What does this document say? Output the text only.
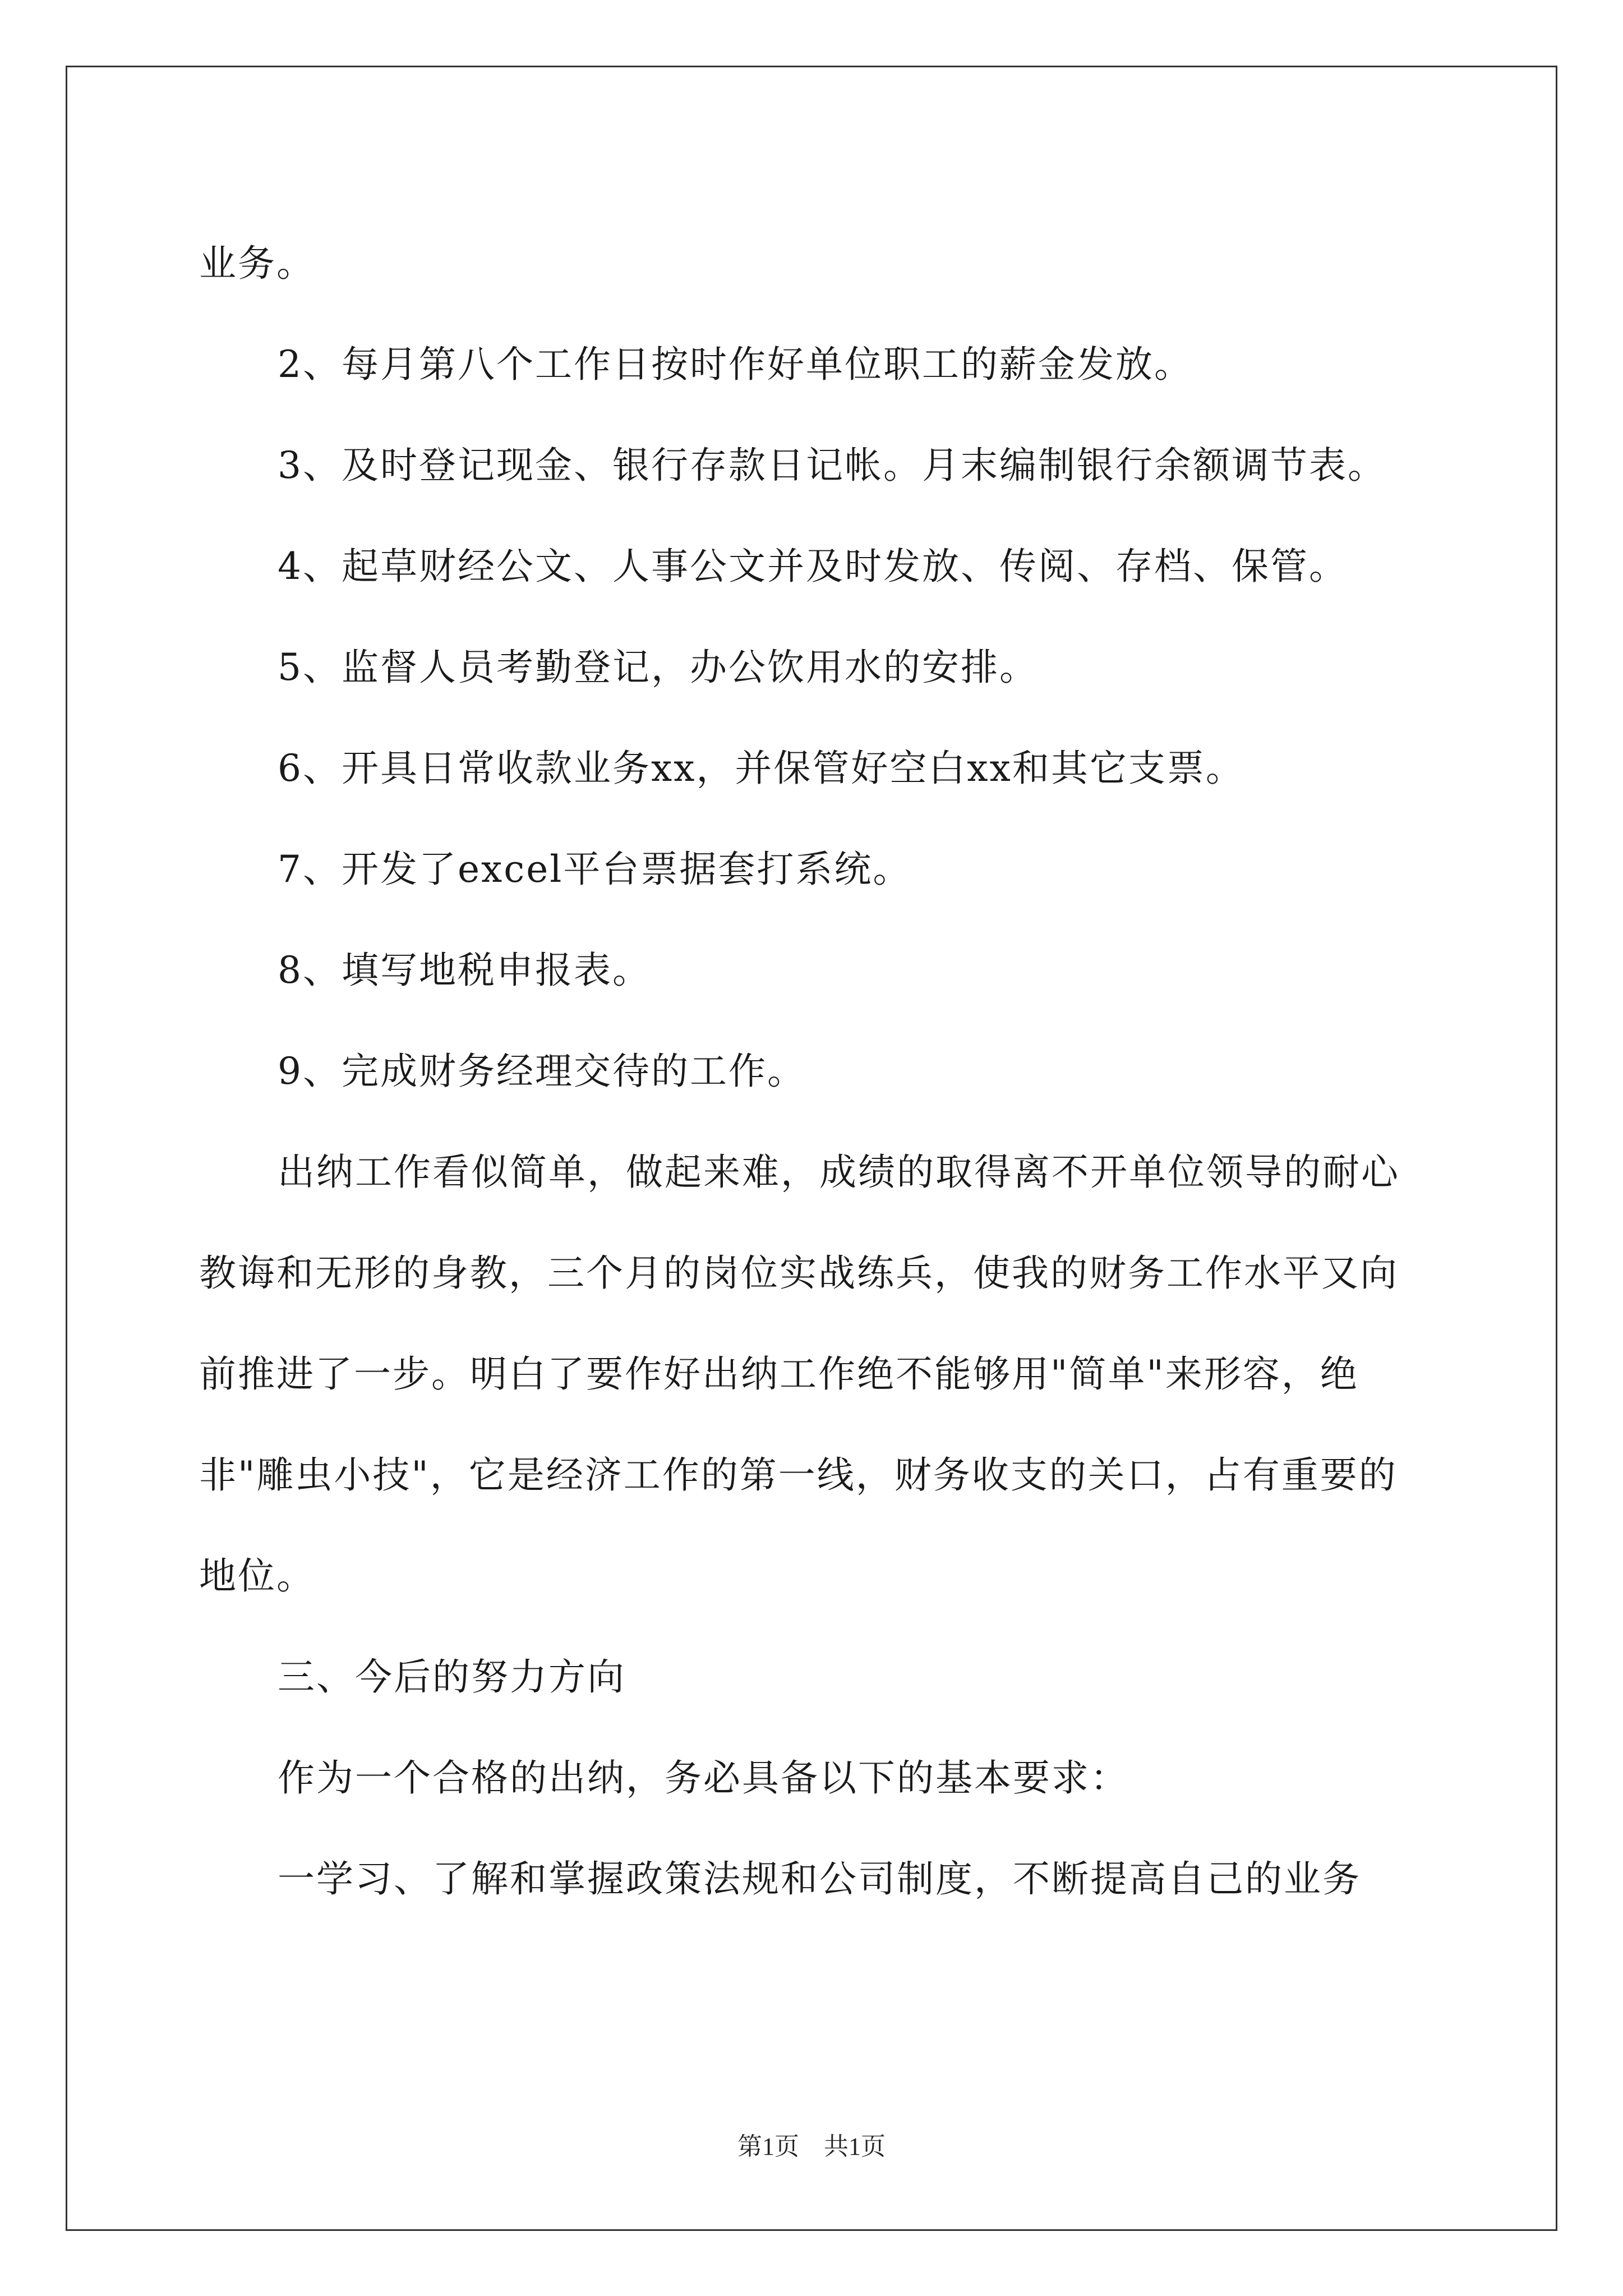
业务。

2、每月第八个工作日按时作好单位职工的薪金发放。

3、及时登记现金、银行存款日记帐。月末编制银行余额调节表。

4、起草财经公文、人事公文并及时发放、传阅、存档、保管。

5、监督人员考勤登记，办公饮用水的安排。

6、开具日常收款业务xx，并保管好空白xx和其它支票。

7、开发了excel平台票据套打系统。

8、填写地税申报表。

9、完成财务经理交待的工作。

出纳工作看似简单，做起来难，成绩的取得离不开单位领导的耐心教诲和无形的身教，三个月的岗位实战练兵，使我的财务工作水平又向前推进了一步。明白了要作好出纳工作绝不能够用"简单"来形容，绝非"雕虫小技"，它是经济工作的第一线，财务收支的关口，占有重要的地位。

三、今后的努力方向

作为一个合格的出纳，务必具备以下的基本要求：

一学习、了解和掌握政策法规和公司制度，不断提高自己的业务

第1页　共1页
